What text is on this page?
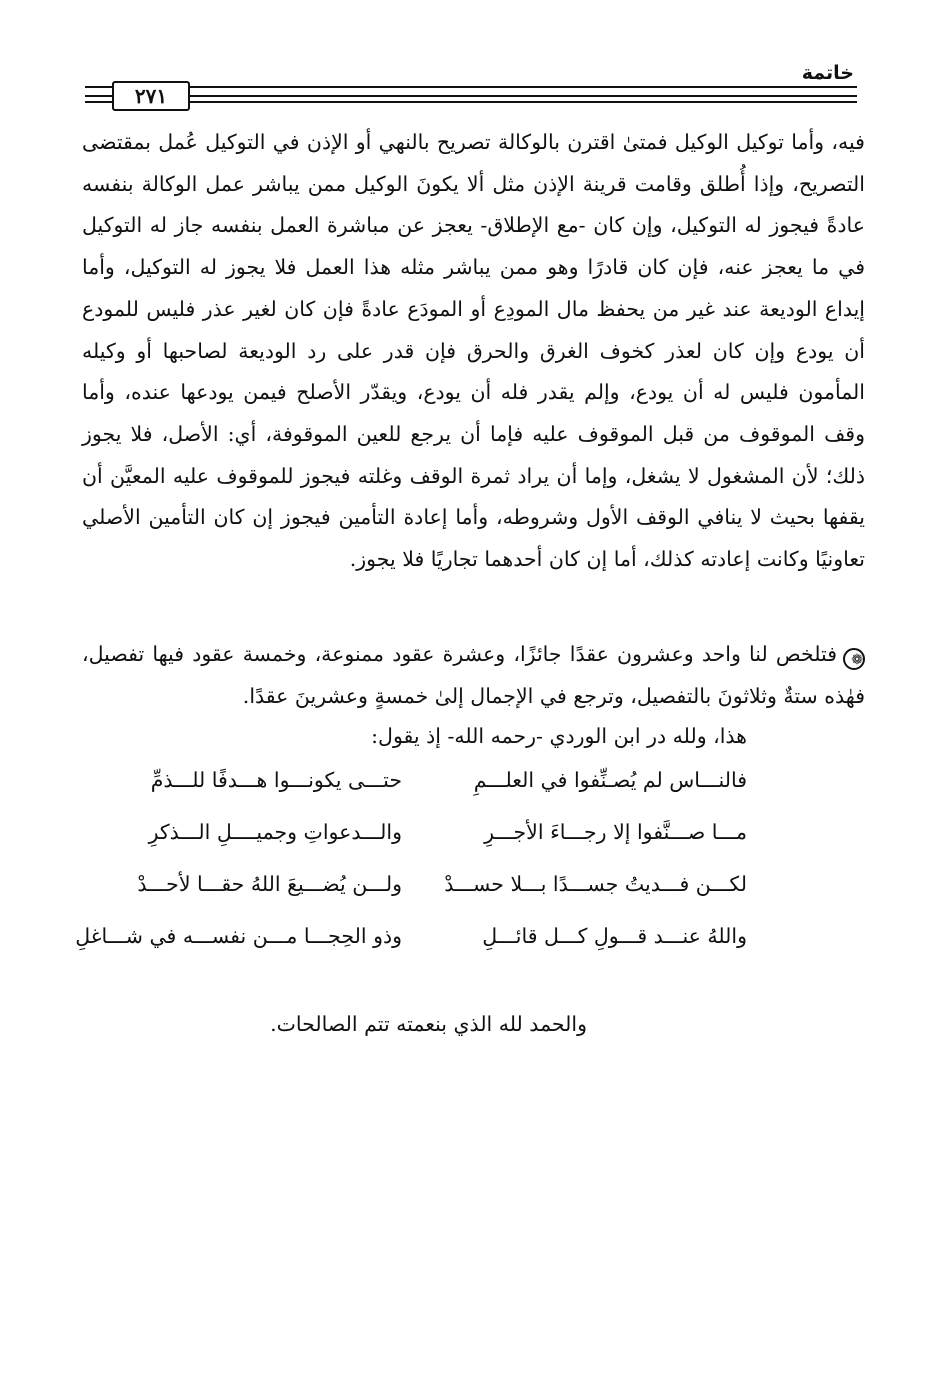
خاتمة
٢٧١

فيه، وأما توكيل الوكيل فمتىٰ اقترن بالوكالة تصريح بالنهي أو الإذن في التوكيل عُمل بمقتضى التصريح، وإذا أُطلق وقامت قرينة الإذن مثل ألا يكونَ الوكيل ممن يباشر عمل الوكالة بنفسه عادةً فيجوز له التوكيل، وإن كان -مع الإطلاق- يعجز عن مباشرة العمل بنفسه جاز له التوكيل في ما يعجز عنه، فإن كان قادرًا وهو ممن يباشر مثله هذا العمل فلا يجوز له التوكيل، وأما إيداع الوديعة عند غير من يحفظ مال المودِع أو المودَع عادةً فإن كان لغير عذر فليس للمودع أن يودع وإن كان لعذر كخوف الغرق والحرق فإن قدر على رد الوديعة لصاحبها أو وكيله المأمون فليس له أن يودع، وإلم يقدر فله أن يودع، ويقدّر الأصلح فيمن يودعها عنده، وأما وقف الموقوف من قبل الموقوف عليه فإما أن يرجع للعين الموقوفة، أي: الأصل، فلا يجوز ذلك؛ لأن المشغول لا يشغل، وإما أن يراد ثمرة الوقف وغلته فيجوز للموقوف عليه المعيَّن أن يقفها بحيث لا ينافي الوقف الأول وشروطه، وأما إعادة التأمين فيجوز إن كان التأمين الأصلي تعاونيًا وكانت إعادته كذلك، أما إن كان أحدهما تجاريًا فلا يجوز.

❁فتلخص لنا واحد وعشرون عقدًا جائزًا، وعشرة عقود ممنوعة، وخمسة عقود فيها تفصيل، فهٰذه ستةٌ وثلاثونَ بالتفصيل، وترجع في الإجمال إلىٰ خمسةٍ وعشرينَ عقدًا.

هذا، ولله در ابن الوردي -رحمه الله- إذ يقول:
فالنـــاس لم يُصـنِّفوا في العلـــمِ
حتـــى يكونـــوا هـــدفًا للـــذمِّ
مـــا صـــنَّفوا إلا رجـــاءَ الأجـــرِ
والـــدعواتِ وجميــــلِ الـــذكرِ
لكـــن فـــديتُ جســـدًا بـــلا حســـدْ
ولـــن يُضـــيعَ اللهُ حقـــا لأحـــدْ
واللهُ عنـــد قـــولِ كـــل قائـــلِ
وذو الحِجـــا مـــن نفســـه في شـــاغلِ
والحمد لله الذي بنعمته تتم الصالحات.
